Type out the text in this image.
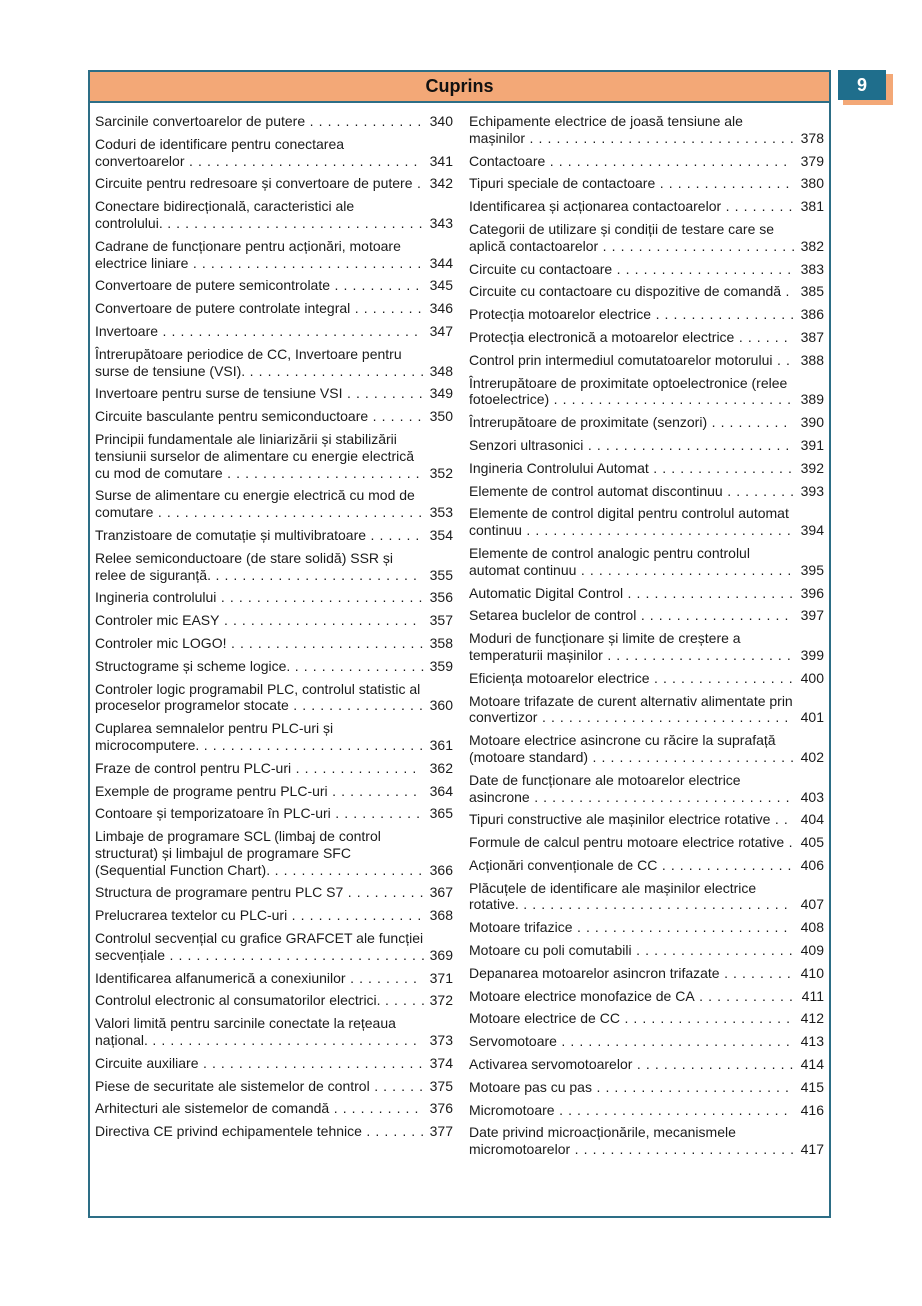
9
Cuprins
Sarcinile convertoarelor de putere . . . . . . . . . . . . . 340
Coduri de identificare pentru conectarea convertoarelor . . . . . . . . . . . . . . . . . . . . . . . . . . 341
Circuite pentru redresoare și convertoare de putere . 342
Conectare bidirecțională, caracteristici ale controlului. . . . . . . . . . . . . . . . . . . . . . . . . . . . . . 343
Cadrane de funcționare pentru acționări, motoare electrice liniare . . . . . . . . . . . . . . . . . . . . . . . . . . 344
Convertoare de putere semicontrolate . . . . . . . . . . 345
Convertoare de putere controlate integral . . . . . . . . 346
Invertoare . . . . . . . . . . . . . . . . . . . . . . . . . . . . . 347
Întrerupătoare periodice de CC, Invertoare pentru surse de tensiune (VSI). . . . . . . . . . . . . . . . . . . . . 348
Invertoare pentru surse de tensiune VSI . . . . . . . . . 349
Circuite basculante pentru semiconductoare . . . . . . 350
Principii fundamentale ale liniarizării și stabilizării tensiunii surselor de alimentare cu energie electrică cu mod de comutare . . . . . . . . . . . . . . . . . . . . . . 352
Surse de alimentare cu energie electrică cu mod de comutare . . . . . . . . . . . . . . . . . . . . . . . . . . . . . . 353
Tranzistoare de comutație și multivibratoare . . . . . . 354
Relee semiconductoare (de stare solidă) SSR și relee de siguranță. . . . . . . . . . . . . . . . . . . . . . . . 355
Ingineria controlului . . . . . . . . . . . . . . . . . . . . . . . 356
Controler mic EASY . . . . . . . . . . . . . . . . . . . . . . 357
Controler mic LOGO! . . . . . . . . . . . . . . . . . . . . . . 358
Structograme și scheme logice. . . . . . . . . . . . . . . . 359
Controler logic programabil PLC, controlul statistic al proceselor programelor stocate . . . . . . . . . . . . . . . 360
Cuplarea semnalelor pentru PLC-uri și microcomputere. . . . . . . . . . . . . . . . . . . . . . . . . . 361
Fraze de control pentru PLC-uri . . . . . . . . . . . . . . 362
Exemple de programe pentru PLC-uri . . . . . . . . . . 364
Contoare și temporizatoare în PLC-uri . . . . . . . . . . 365
Limbaje de programare SCL (limbaj de control structurat) și limbajul de programare SFC (Sequential Function Chart). . . . . . . . . . . . . . . . . . 366
Structura de programare pentru PLC S7 . . . . . . . . . 367
Prelucrarea textelor cu PLC-uri . . . . . . . . . . . . . . . 368
Controlul secvențial cu grafice GRAFCET ale funcției secvențiale . . . . . . . . . . . . . . . . . . . . . . . . . . . . . 369
Identificarea alfanumerică a conexiunilor . . . . . . . . 371
Controlul electronic al consumatorilor electrici. . . . . . 372
Valori limită pentru sarcinile conectate la rețeaua național. . . . . . . . . . . . . . . . . . . . . . . . . . . . . . . 373
Circuite auxiliare . . . . . . . . . . . . . . . . . . . . . . . . . 374
Piese de securitate ale sistemelor de control . . . . . . 375
Arhitecturi ale sistemelor de comandă . . . . . . . . . . 376
Directiva CE privind echipamentele tehnice . . . . . . . 377
Echipamente electrice de joasă tensiune ale mașinilor . . . . . . . . . . . . . . . . . . . . . . . . . . . . . . 378
Contactoare . . . . . . . . . . . . . . . . . . . . . . . . . . . 379
Tipuri speciale de contactoare . . . . . . . . . . . . . . . 380
Identificarea și acționarea contactoarelor . . . . . . . . 381
Categorii de utilizare și condiții de testare care se aplică contactoarelor . . . . . . . . . . . . . . . . . . . . . . 382
Circuite cu contactoare . . . . . . . . . . . . . . . . . . . . 383
Circuite cu contactoare cu dispozitive de comandă . 385
Protecția motoarelor electrice . . . . . . . . . . . . . . . . 386
Protecția electronică a motoarelor electrice . . . . . . 387
Control prin intermediul comutatoarelor motorului . . 388
Întrerupătoare de proximitate optoelectronice (relee fotoelectrice) . . . . . . . . . . . . . . . . . . . . . . . . . . . 389
Întrerupătoare de proximitate (senzori) . . . . . . . . . 390
Senzori ultrasonici . . . . . . . . . . . . . . . . . . . . . . . 391
Ingineria Controlului Automat . . . . . . . . . . . . . . . . 392
Elemente de control automat discontinuu . . . . . . . . 393
Elemente de control digital pentru controlul automat continuu . . . . . . . . . . . . . . . . . . . . . . . . . . . . . . 394
Elemente de control analogic pentru controlul automat continuu . . . . . . . . . . . . . . . . . . . . . . . . 395
Automatic Digital Control . . . . . . . . . . . . . . . . . . . 396
Setarea buclelor de control . . . . . . . . . . . . . . . . . 397
Moduri de funcționare și limite de creștere a temperaturii mașinilor . . . . . . . . . . . . . . . . . . . . . 399
Eficiența motoarelor electrice . . . . . . . . . . . . . . . . 400
Motoare trifazate de curent alternativ alimentate prin convertizor . . . . . . . . . . . . . . . . . . . . . . . . . . . . 401
Motoare electrice asincrone cu răcire la suprafață (motoare standard) . . . . . . . . . . . . . . . . . . . . . . . 402
Date de funcționare ale motoarelor electrice asincrone . . . . . . . . . . . . . . . . . . . . . . . . . . . . . 403
Tipuri constructive ale mașinilor electrice rotative . . 404
Formule de calcul pentru motoare electrice rotative . 405
Acționări convenționale de CC . . . . . . . . . . . . . . . 406
Plăcuțele de identificare ale mașinilor electrice rotative. . . . . . . . . . . . . . . . . . . . . . . . . . . . . . . 407
Motoare trifazice . . . . . . . . . . . . . . . . . . . . . . . . 408
Motoare cu poli comutabili . . . . . . . . . . . . . . . . . . 409
Depanarea motoarelor asincron trifazate . . . . . . . . 410
Motoare electrice monofazice de CA . . . . . . . . . . . 411
Motoare electrice de CC . . . . . . . . . . . . . . . . . . . 412
Servomotoare . . . . . . . . . . . . . . . . . . . . . . . . . . 413
Activarea servomotoarelor . . . . . . . . . . . . . . . . . . 414
Motoare pas cu pas . . . . . . . . . . . . . . . . . . . . . . 415
Micromotoare . . . . . . . . . . . . . . . . . . . . . . . . . . 416
Date privind microacționările, mecanismele micromotoarelor . . . . . . . . . . . . . . . . . . . . . . . . . 417
